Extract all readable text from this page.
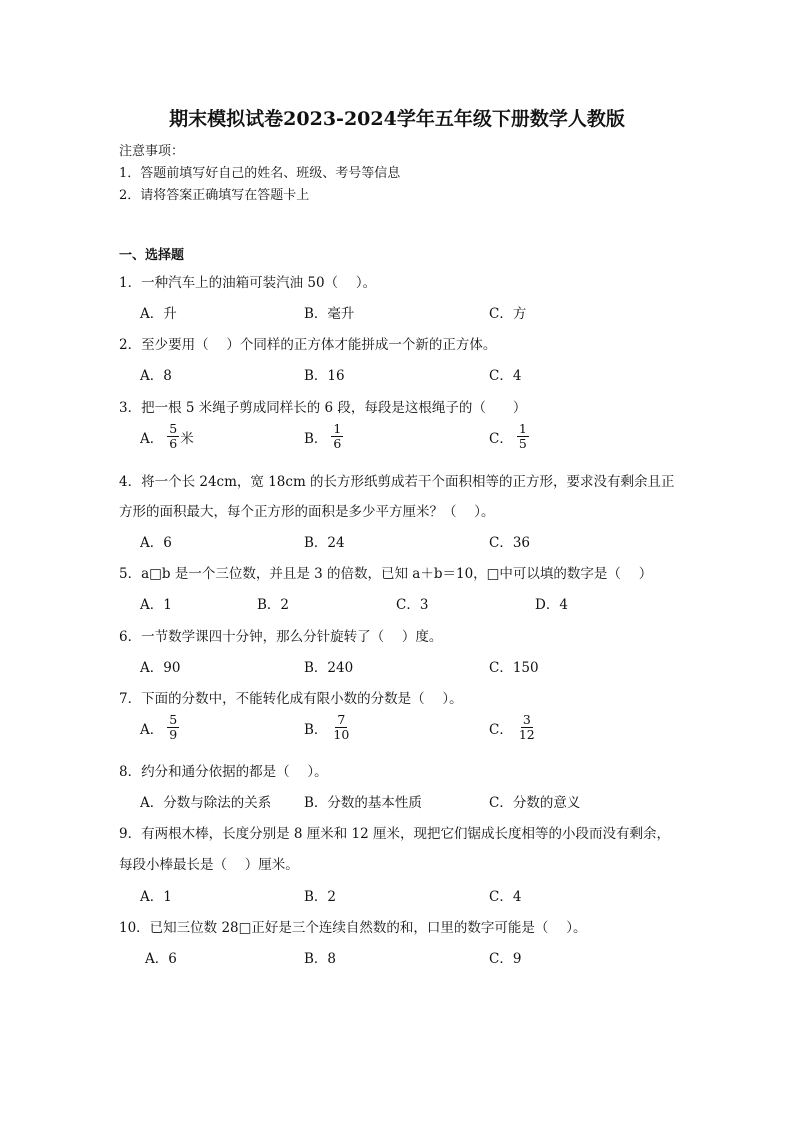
期末模拟试卷2023-2024学年五年级下册数学人教版
注意事项：
1．答题前填写好自己的姓名、班级、考号等信息
2．请将答案正确填写在答题卡上
一、选择题
1．一种汽车上的油箱可装汽油 50（　 ）。
A．升	B．毫升	C．方
2．至少要用（　 ）个同样的正方体才能拼成一个新的正方体。
A．8	B．16	C．4
3．把一根 5 米绳子剪成同样长的 6 段，每段是这根绳子的（　　）
A． $\frac{5}{6}$ 米	B． $\frac{1}{6}$	C． $\frac{1}{5}$
4．将一个长 24cm，宽 18cm 的长方形纸剪成若干个面积相等的正方形，要求没有剩余且正
方形的面积最大，每个正方形的面积是多少平方厘米？（　 ）。
A．6	B．24	C．36
5．a□b 是一个三位数，并且是 3 的倍数，已知 a＋b＝10，□中可以填的数字是（　 ）
A．1	B．2	C．3	D．4
6．一节数学课四十分钟，那么分针旋转了（　 ）度。
A．90	B．240	C．150
7．下面的分数中，不能转化成有限小数的分数是（　 ）。
A． $\frac{5}{9}$	B． $\frac{7}{10}$	C． $\frac{3}{12}$
8．约分和通分依据的都是（　 ）。
A．分数与除法的关系 B．分数的基本性质	C．分数的意义
9．有两根木棒，长度分别是 8 厘米和 12 厘米，现把它们锯成长度相等的小段而没有剩余，
每段小棒最长是（　 ）厘米。
A．1	B．2	C．4
10．已知三位数 28□正好是三个连续自然数的和，口里的数字可能是（　 ）。
A．6	B．8	C．9
